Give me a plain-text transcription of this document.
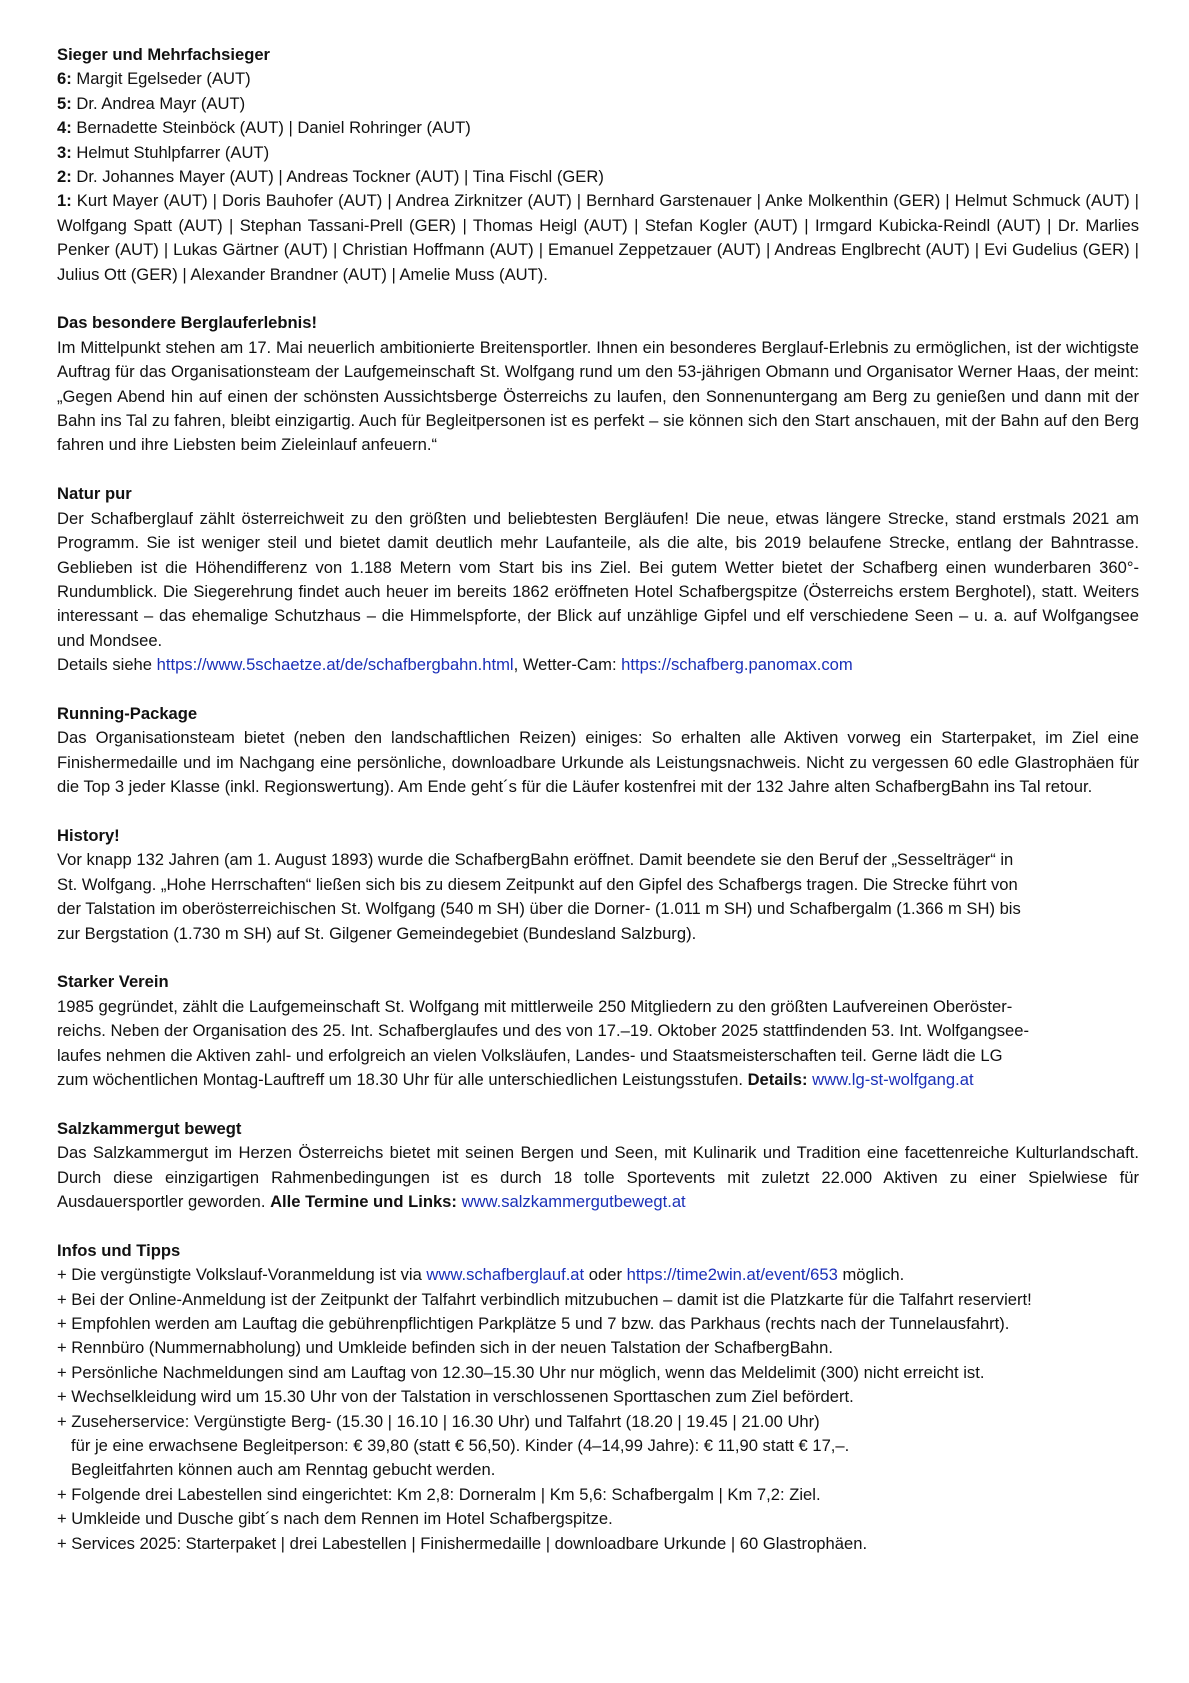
Sieger und Mehrfachsieger
6: Margit Egelseder (AUT)
5: Dr. Andrea Mayr (AUT)
4: Bernadette Steinböck (AUT) | Daniel Rohringer (AUT)
3: Helmut Stuhlpfarrer (AUT)
2: Dr. Johannes Mayer (AUT) | Andreas Tockner (AUT) | Tina Fischl (GER)

1: Kurt Mayer (AUT) | Doris Bauhofer (AUT) | Andrea Zirknitzer (AUT) | Bernhard Garstenauer | Anke Molkenthin (GER) | Helmut Schmuck (AUT) | Wolfgang Spatt (AUT) | Stephan Tassani-Prell (GER) | Thomas Heigl (AUT) | Stefan Kogler (AUT) | Irmgard Kubicka-Reindl (AUT) | Dr. Marlies Penker (AUT) | Lukas Gärtner (AUT) | Christian Hoffmann (AUT) | Emanuel Zeppetzauer (AUT) | Andreas Englbrecht (AUT) | Evi Gudelius (GER) | Julius Ott (GER) | Alexander Brandner (AUT) | Amelie Muss (AUT).

Das besondere Berglauferlebnis!

Im Mittelpunkt stehen am 17. Mai neuerlich ambitionierte Breitensportler. Ihnen ein besonderes Berglauf-Erlebnis zu ermöglichen, ist der wichtigste Auftrag für das Organisationsteam der Laufgemeinschaft St. Wolfgang rund um den 53-jährigen Obmann und Organisator Werner Haas, der meint: „Gegen Abend hin auf einen der schönsten Aussichtsberge Österreichs zu laufen, den Sonnenuntergang am Berg zu genießen und dann mit der Bahn ins Tal zu fahren, bleibt einzigartig. Auch für Begleitpersonen ist es perfekt – sie können sich den Start anschauen, mit der Bahn auf den Berg fahren und ihre Liebsten beim Zieleinlauf anfeuern.“

Natur pur

Der Schafberglauf zählt österreichweit zu den größten und beliebtesten Bergläufen! Die neue, etwas längere Strecke, stand erstmals 2021 am Programm. Sie ist weniger steil und bietet damit deutlich mehr Laufanteile, als die alte, bis 2019 belaufene Strecke, entlang der Bahntrasse. Geblieben ist die Höhendifferenz von 1.188 Metern vom Start bis ins Ziel. Bei gutem Wetter bietet der Schafberg einen wunderbaren 360°-Rundumblick. Die Siegerehrung findet auch heuer im bereits 1862 eröffneten Hotel Schafbergspitze (Österreichs erstem Berghotel), statt. Weiters interessant – das ehemalige Schutzhaus – die Himmelspforte, der Blick auf unzählige Gipfel und elf verschiedene Seen – u. a. auf Wolfgangsee und Mondsee.

Details siehe https://www.5schaetze.at/de/schafbergbahn.html, Wetter-Cam: https://schafberg.panomax.com

Running-Package

Das Organisationsteam bietet (neben den landschaftlichen Reizen) einiges: So erhalten alle Aktiven vorweg ein Starterpaket, im Ziel eine Finishermedaille und im Nachgang eine persönliche, downloadbare Urkunde als Leistungsnachweis. Nicht zu vergessen 60 edle Glastrophäen für die Top 3 jeder Klasse (inkl. Regionswertung). Am Ende geht´s für die Läufer kostenfrei mit der 132 Jahre alten SchafbergBahn ins Tal retour.

History!
Vor knapp 132 Jahren (am 1. August 1893) wurde die SchafbergBahn eröffnet. Damit beendete sie den Beruf der „Sesselträger“ in
St. Wolfgang. „Hohe Herrschaften“ ließen sich bis zu diesem Zeitpunkt auf den Gipfel des Schafbergs tragen. Die Strecke führt von
der Talstation im oberösterreichischen St. Wolfgang (540 m SH) über die Dorner- (1.011 m SH) und Schafbergalm (1.366 m SH) bis
zur Bergstation (1.730 m SH) auf St. Gilgener Gemeindegebiet (Bundesland Salzburg).
Starker Verein
1985 gegründet, zählt die Laufgemeinschaft St. Wolfgang mit mittlerweile 250 Mitgliedern zu den größten Laufvereinen Oberöster-
reichs. Neben der Organisation des 25. Int. Schafberglaufes und des von 17.–19. Oktober 2025 stattfindenden 53. Int. Wolfgangsee-
laufes nehmen die Aktiven zahl- und erfolgreich an vielen Volksläufen, Landes- und Staatsmeisterschaften teil. Gerne lädt die LG
zum wöchentlichen Montag-Lauftreff um 18.30 Uhr für alle unterschiedlichen Leistungsstufen. Details: www.lg-st-wolfgang.at
Salzkammergut bewegt

Das Salzkammergut im Herzen Österreichs bietet mit seinen Bergen und Seen, mit Kulinarik und Tradition eine facettenreiche Kulturlandschaft. Durch diese einzigartigen Rahmenbedingungen ist es durch 18 tolle Sportevents mit zuletzt 22.000 Aktiven zu einer Spielwiese für Ausdauersportler geworden. Alle Termine und Links: www.salzkammergutbewegt.at

Infos und Tipps
+ Die vergünstigte Volkslauf-Voranmeldung ist via www.schafberglauf.at oder https://time2win.at/event/653 möglich.
+ Bei der Online-Anmeldung ist der Zeitpunkt der Talfahrt verbindlich mitzubuchen – damit ist die Platzkarte für die Talfahrt reserviert!
+ Empfohlen werden am Lauftag die gebührenpflichtigen Parkplätze 5 und 7 bzw. das Parkhaus (rechts nach der Tunnelausfahrt).
+ Rennbüro (Nummernabholung) und Umkleide befinden sich in der neuen Talstation der SchafbergBahn.
+ Persönliche Nachmeldungen sind am Lauftag von 12.30–15.30 Uhr nur möglich, wenn das Meldelimit (300) nicht erreicht ist.
+ Wechselkleidung wird um 15.30 Uhr von der Talstation in verschlossenen Sporttaschen zum Ziel befördert.
+ Zuseherservice: Vergünstigte Berg- (15.30 | 16.10 | 16.30 Uhr) und Talfahrt (18.20 | 19.45 | 21.00 Uhr)
für je eine erwachsene Begleitperson: € 39,80 (statt € 56,50). Kinder (4–14,99 Jahre): € 11,90 statt € 17,–.
Begleitfahrten können auch am Renntag gebucht werden.
+ Folgende drei Labestellen sind eingerichtet: Km 2,8: Dorneralm | Km 5,6: Schafbergalm | Km 7,2: Ziel.
+ Umkleide und Dusche gibt´s nach dem Rennen im Hotel Schafbergspitze.
+ Services 2025: Starterpaket | drei Labestellen | Finishermedaille | downloadbare Urkunde | 60 Glastrophäen.
